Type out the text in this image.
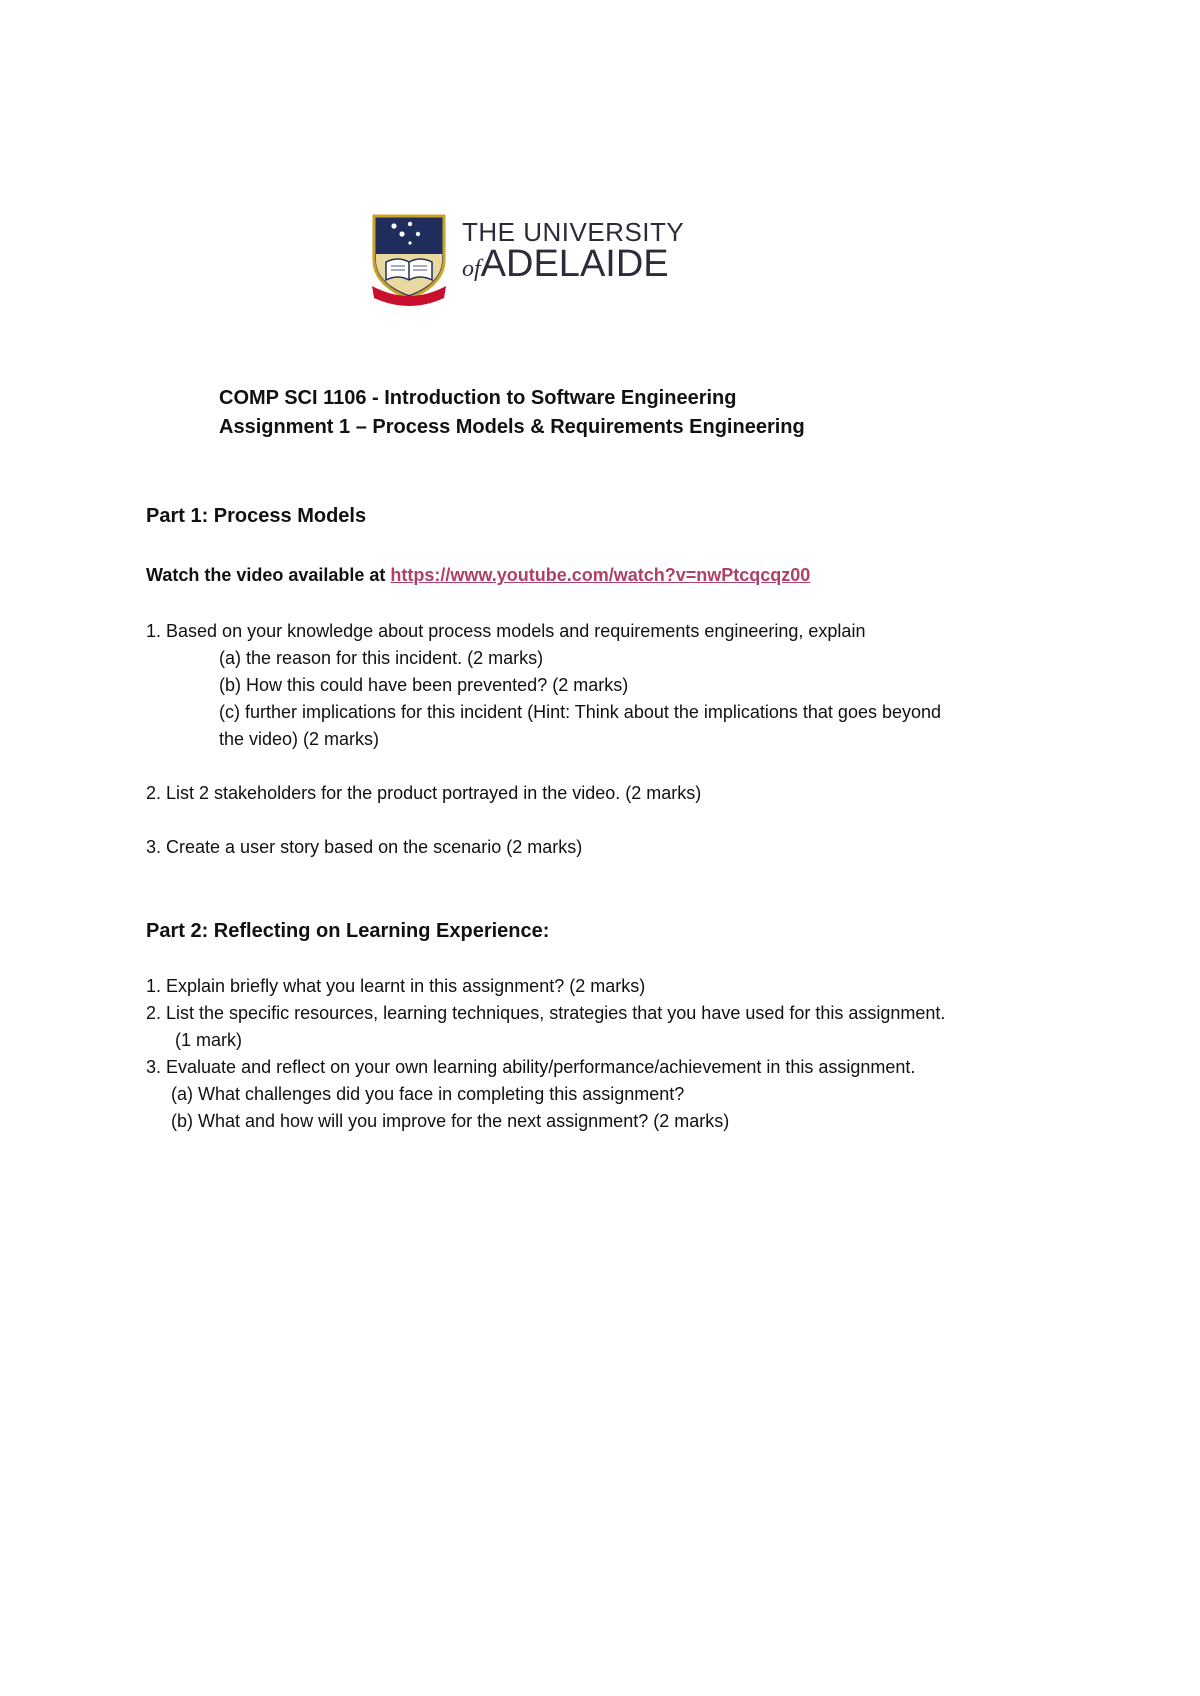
THE UNIVERSITY
ofADELAIDE
COMP SCI 1106 - Introduction to Software Engineering
Assignment 1 – Process Models & Requirements Engineering
Part 1: Process Models
Watch the video available at https://www.youtube.com/watch?v=nwPtcqcqz00
1. Based on your knowledge about process models and requirements engineering, explain
(a) the reason for this incident. (2 marks)
(b) How this could have been prevented? (2 marks)
(c) further implications for this incident (Hint: Think about the implications that goes beyond
the video) (2 marks)
2. List 2 stakeholders for the product portrayed in the video. (2 marks)
3. Create a user story based on the scenario (2 marks)
Part 2: Reflecting on Learning Experience:
1. Explain briefly what you learnt in this assignment? (2 marks)
2. List the specific resources, learning techniques, strategies that you have used for this assignment.
(1 mark)
3. Evaluate and reflect on your own learning ability/performance/achievement in this assignment.
(a) What challenges did you face in completing this assignment?
(b) What and how will you improve for the next assignment? (2 marks)
